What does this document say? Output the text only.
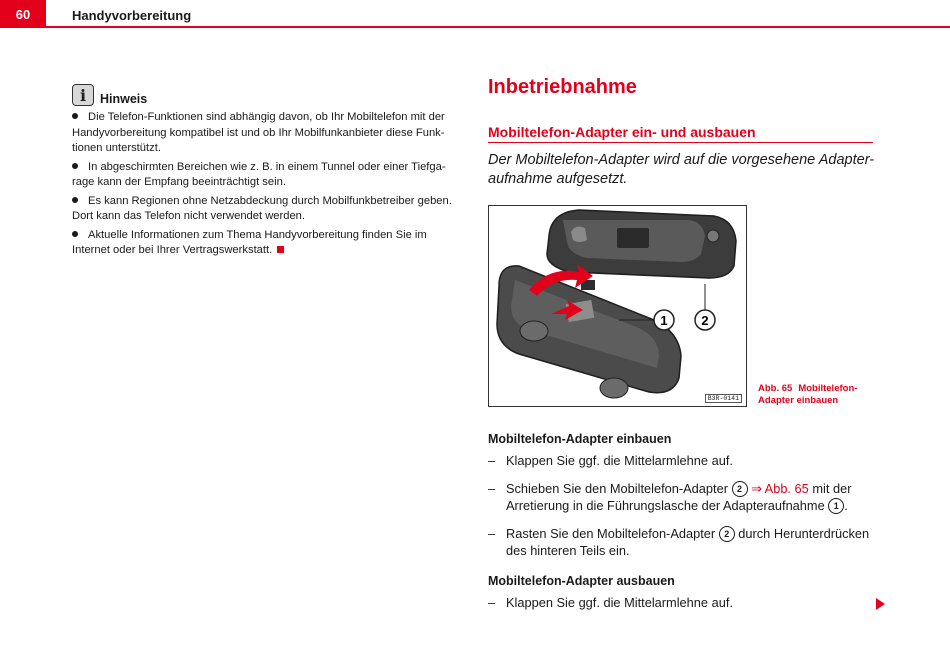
60	Handyvorbereitung
i	Hinweis
Die Telefon-Funktionen sind abhängig davon, ob Ihr Mobiltelefon mit der Handyvorbereitung kompatibel ist und ob Ihr Mobilfunkanbieter diese Funk-tionen unterstützt.
In abgeschirmten Bereichen wie z. B. in einem Tunnel oder einer Tiefga-rage kann der Empfang beeinträchtigt sein.
Es kann Regionen ohne Netzabdeckung durch Mobilfunkbetreiber geben. Dort kann das Telefon nicht verwendet werden.
Aktuelle Informationen zum Thema Handyvorbereitung finden Sie im Internet oder bei Ihrer Vertragswerkstatt.
Inbetriebnahme
Mobiltelefon-Adapter ein- und ausbauen
Der Mobiltelefon-Adapter wird auf die vorgesehene Adapter-aufnahme aufgesetzt.
1	2
B3R-0141
Abb. 65 Mobiltelefon-Adapter einbauen
Mobiltelefon-Adapter einbauen
– Klappen Sie ggf. die Mittelarmlehne auf.
– Schieben Sie den Mobiltelefon-Adapter 2 ⇒ Abb. 65 mit der Arretierung in die Führungslasche der Adapteraufnahme 1 .
– Rasten Sie den Mobiltelefon-Adapter 2 durch Herunterdrücken des hinteren Teils ein.
Mobiltelefon-Adapter ausbauen
– Klappen Sie ggf. die Mittelarmlehne auf.
